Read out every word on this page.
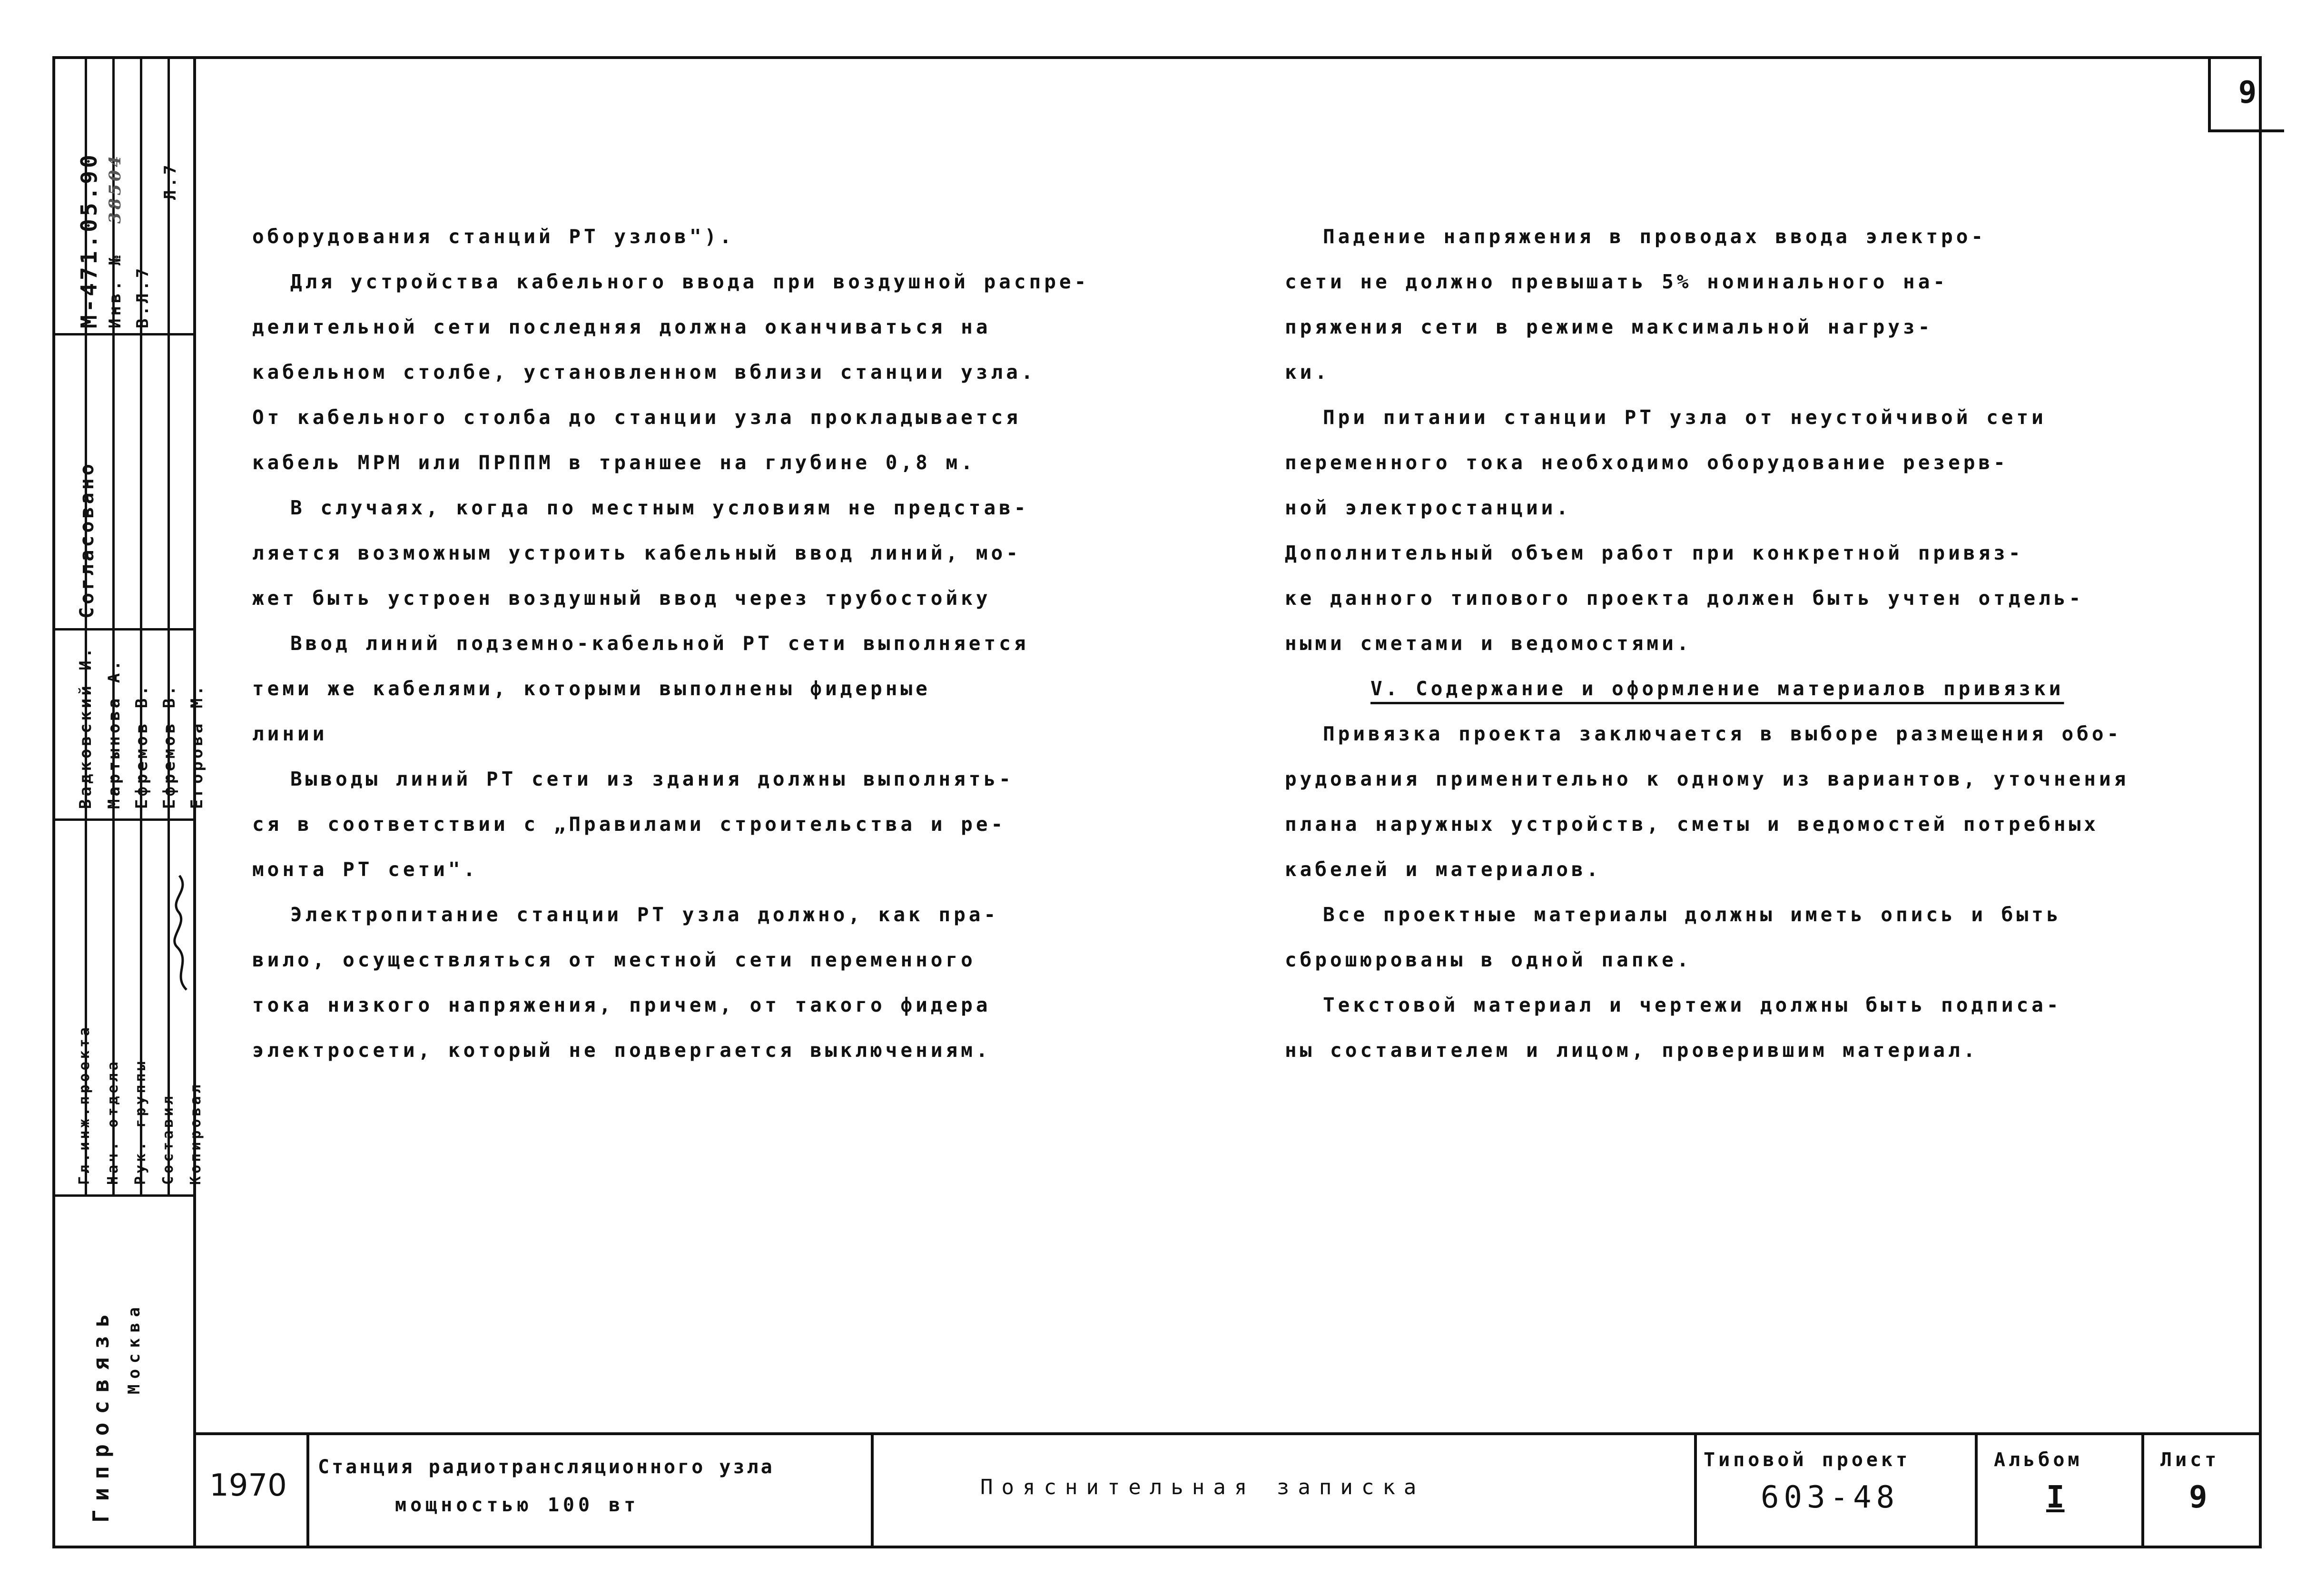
9
М-471.05.90 Инв. №
38504
В.Л.7
Л.7
Согласовано
Вадковский И. Мартынова А. Ефремов В. Ефремов В. Егорова М.
Гл.инж.проекта Нач. отдела Рук. группы Составил Копировал
Гипросвязь Москва

оборудования станций РТ узлов").

Для устройства кабельного ввода при воздушной распре-

делительной сети последняя должна оканчиваться на

кабельном столбе, установленном вблизи станции узла.

От кабельного столба до станции узла прокладывается

кабель МРМ или ПРППМ в траншее на глубине 0,8 м.

В случаях, когда по местным условиям не представ-

ляется возможным устроить кабельный ввод линий, мо-

жет быть устроен воздушный ввод через трубостойку

Ввод линий подземно-кабельной РТ сети выполняется

теми же кабелями, которыми выполнены фидерные

линии

Выводы линий РТ сети из здания должны выполнять-

ся в соответствии с „Правилами строительства и ре-

монта РТ сети".

Электропитание станции РТ узла должно, как пра-

вило, осуществляться от местной сети переменного

тока низкого напряжения, причем, от такого фидера

электросети, который не подвергается выключениям.

Падение напряжения в проводах ввода электро-

сети не должно превышать 5% номинального на-

пряжения сети в режиме максимальной нагруз-

ки.

При питании станции РТ узла от неустойчивой сети

переменного тока необходимо оборудование резерв-

ной электростанции.

Дополнительный объем работ при конкретной привяз-

ке данного типового проекта должен быть учтен отдель-

ными сметами и ведомостями.

V. Содержание и оформление материалов привязки

Привязка проекта заключается в выборе размещения обо-

рудования применительно к одному из вариантов, уточнения

плана наружных устройств, сметы и ведомостей потребных

кабелей и материалов.

Все проектные материалы должны иметь опись и быть

сброшюрованы в одной папке.

Текстовой материал и чертежи должны быть подписа-

ны составителем и лицом, проверившим материал.

1970
Станция радиотрансляционного узла
мощностью 100 вт
Пояснительная записка
Типовой проект
603-48
Альбом
I
Лист
9
